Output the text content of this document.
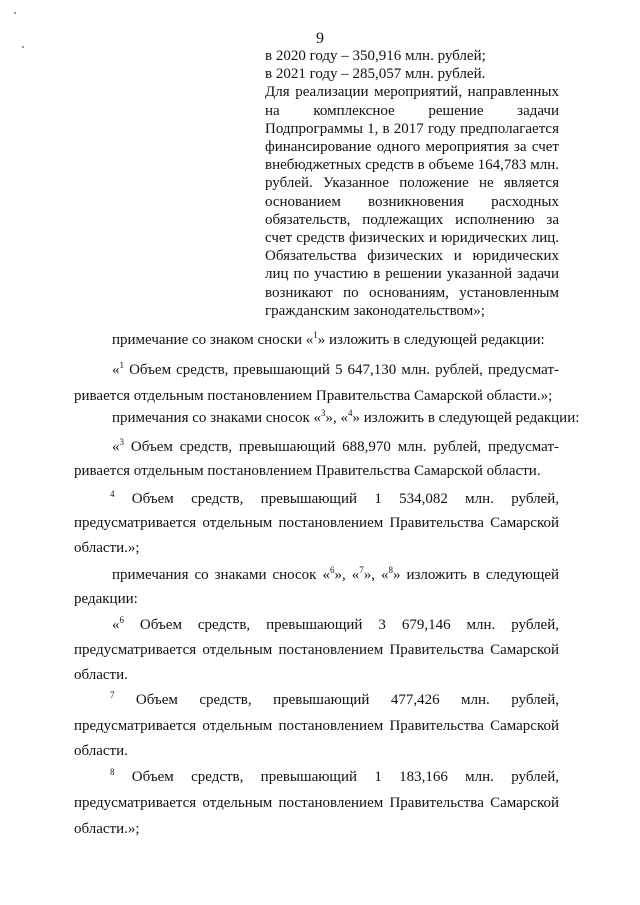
9
в 2020 году – 350,916 млн. рублей;
в 2021 году – 285,057 млн. рублей.
Для реализации мероприятий, направленных
на комплексное решение задачи
Подпрограммы 1, в 2017 году предполагается
финансирование одного мероприятия за счет
внебюджетных средств в объеме 164,783 млн.
рублей. Указанное положение не является
основанием возникновения расходных
обязательств, подлежащих исполнению за
счет средств физических и юридических лиц.
Обязательства физических и юридических
лиц по участию в решении указанной задачи
возникают по основаниям, установленным
гражданским законодательством»;
примечание со знаком сноски «$^1$» изложить в следующей редакции:
«$^1$ Объем средств, превышающий 5 647,130 млн. рублей, предусмат-
ривается отдельным постановлением Правительства Самарской области.»;
примечания со знаками сносок «$^3$», «$^4$» изложить в следующей редакции:
«$^3$ Объем средств, превышающий 688,970 млн. рублей, предусмат-
ривается отдельным постановлением Правительства Самарской области.
$^4$ Объем средств, превышающий 1 534,082 млн. рублей,
предусматривается отдельным постановлением Правительства Самарской
области.»;
примечания со знаками сносок «$^6$», «$^7$», «$^8$» изложить в следующей
редакции:
«$^6$ Объем средств, превышающий 3 679,146 млн. рублей,
предусматривается отдельным постановлением Правительства Самарской
области.
$^7$ Объем средств, превышающий 477,426 млн. рублей,
предусматривается отдельным постановлением Правительства Самарской
области.
$^8$ Объем средств, превышающий 1 183,166 млн. рублей,
предусматривается отдельным постановлением Правительства Самарской
области.»;
